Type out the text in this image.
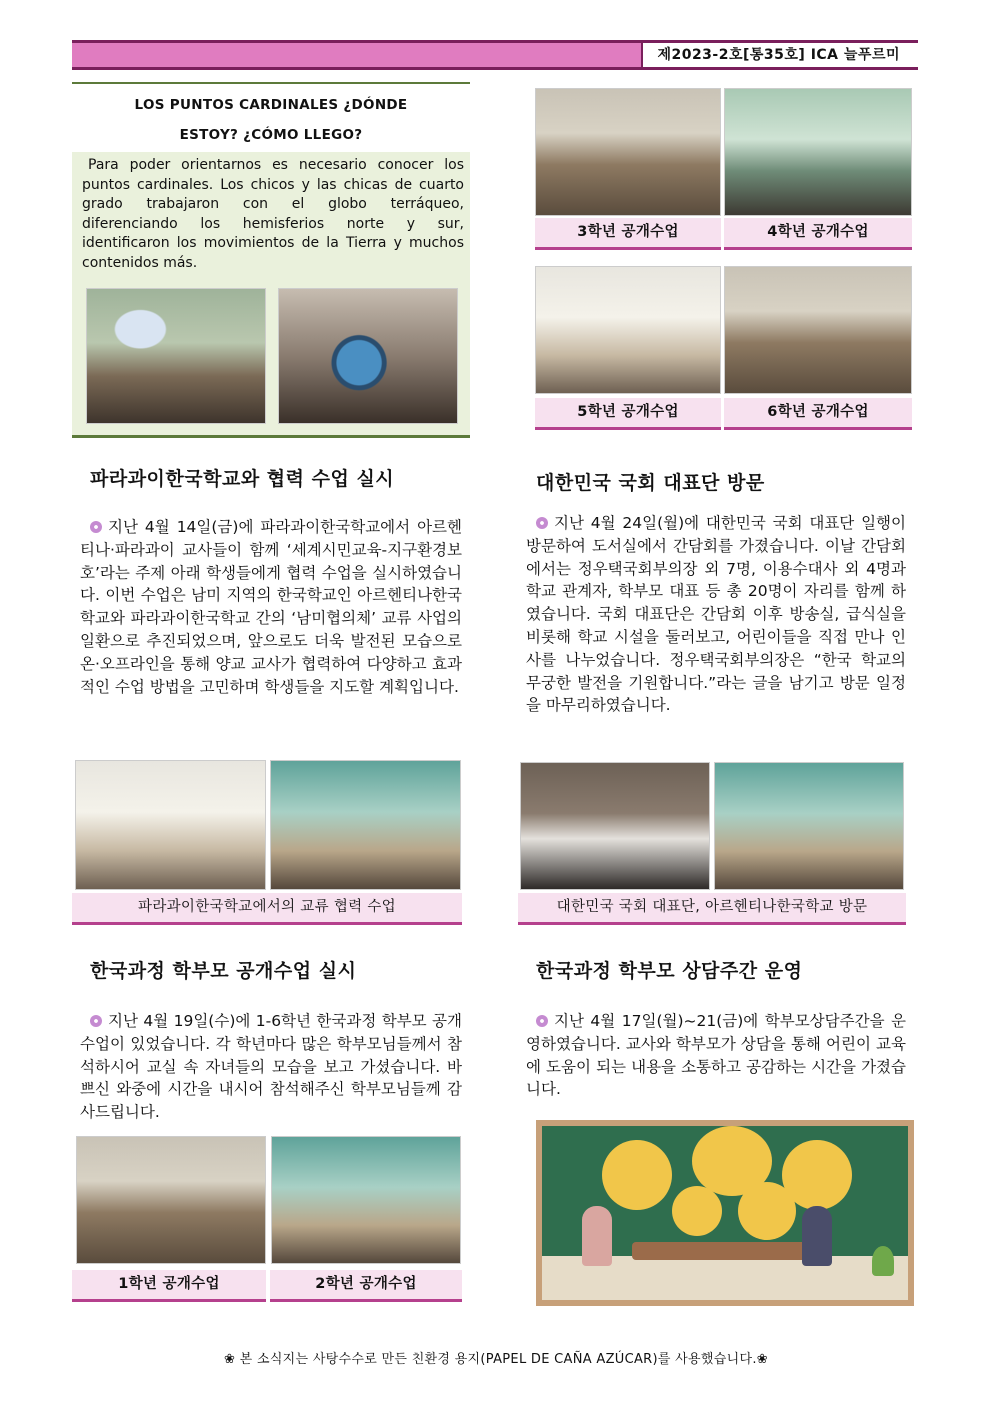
제2023-2호[통35호] ICA 늘푸르미
LOS PUNTOS CARDINALES ¿DÓNDE ESTOY? ¿CÓMO LLEGO?
Para poder orientarnos es necesario conocer los puntos cardinales. Los chicos y las chicas de cuarto grado trabajaron con el globo terráqueo, diferenciando los hemisferios norte y sur, identificaron los movimientos de la Tierra y muchos contenidos más.
3학년 공개수업	4학년 공개수업
5학년 공개수업	6학년 공개수업
파라과이한국학교와 협력 수업 실시
지난 4월 14일(금)에 파라과이한국학교에서 아르헨티나·파라과이 교사들이 함께 ‘세계시민교육-지구환경보호’라는 주제 아래 학생들에게 협력 수업을 실시하였습니다. 이번 수업은 남미 지역의 한국학교인 아르헨티나한국학교와 파라과이한국학교 간의 ‘남미협의체’ 교류 사업의 일환으로 추진되었으며, 앞으로도 더욱 발전된 모습으로 온·오프라인을 통해 양교 교사가 협력하여 다양하고 효과적인 수업 방법을 고민하며 학생들을 지도할 계획입니다.
파라과이한국학교에서의 교류 협력 수업
대한민국 국회 대표단 방문
지난 4월 24일(월)에 대한민국 국회 대표단 일행이 방문하여 도서실에서 간담회를 가졌습니다. 이날 간담회에서는 정우택국회부의장 외 7명, 이용수대사 외 4명과 학교 관계자, 학부모 대표 등 총 20명이 자리를 함께 하였습니다. 국회 대표단은 간담회 이후 방송실, 급식실을 비롯해 학교 시설을 둘러보고, 어린이들을 직접 만나 인사를 나누었습니다. 정우택국회부의장은 “한국 학교의 무궁한 발전을 기원합니다.”라는 글을 남기고 방문 일정을 마무리하였습니다.
대한민국 국회 대표단, 아르헨티나한국학교 방문
한국과정 학부모 공개수업 실시
지난 4월 19일(수)에 1-6학년 한국과정 학부모 공개수업이 있었습니다. 각 학년마다 많은 학부모님들께서 참석하시어 교실 속 자녀들의 모습을 보고 가셨습니다. 바쁘신 와중에 시간을 내시어 참석해주신 학부모님들께 감사드립니다.
1학년 공개수업	2학년 공개수업
한국과정 학부모 상담주간 운영
지난 4월 17일(월)~21(금)에 학부모상담주간을 운영하였습니다. 교사와 학부모가 상담을 통해 어린이 교육에 도움이 되는 내용을 소통하고 공감하는 시간을 가졌습니다.
❀ 본 소식지는 사탕수수로 만든 친환경 용지(PAPEL DE CAÑA AZÚCAR)를 사용했습니다.❀
